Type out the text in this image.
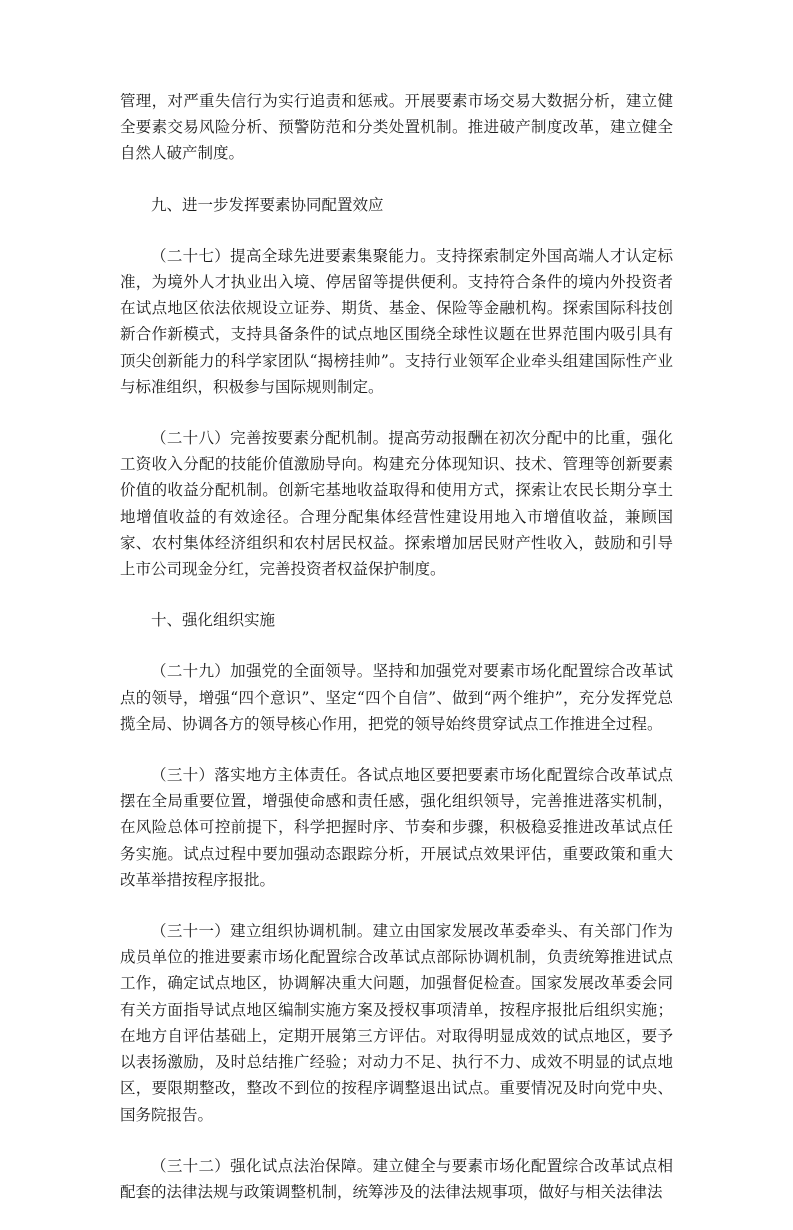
管理，对严重失信行为实行追责和惩戒。开展要素市场交易大数据分析，建立健全要素交易风险分析、预警防范和分类处置机制。推进破产制度改革，建立健全自然人破产制度。

九、进一步发挥要素协同配置效应

（二十七）提高全球先进要素集聚能力。支持探索制定外国高端人才认定标准，为境外人才执业出入境、停居留等提供便利。支持符合条件的境内外投资者在试点地区依法依规设立证券、期货、基金、保险等金融机构。探索国际科技创新合作新模式，支持具备条件的试点地区围绕全球性议题在世界范围内吸引具有顶尖创新能力的科学家团队“揭榜挂帅”。支持行业领军企业牵头组建国际性产业与标准组织，积极参与国际规则制定。

（二十八）完善按要素分配机制。提高劳动报酬在初次分配中的比重，强化工资收入分配的技能价值激励导向。构建充分体现知识、技术、管理等创新要素价值的收益分配机制。创新宅基地收益取得和使用方式，探索让农民长期分享土地增值收益的有效途径。合理分配集体经营性建设用地入市增值收益，兼顾国家、农村集体经济组织和农村居民权益。探索增加居民财产性收入，鼓励和引导上市公司现金分红，完善投资者权益保护制度。

十、强化组织实施

（二十九）加强党的全面领导。坚持和加强党对要素市场化配置综合改革试点的领导，增强“四个意识”、坚定“四个自信”、做到“两个维护”，充分发挥党总揽全局、协调各方的领导核心作用，把党的领导始终贯穿试点工作推进全过程。

（三十）落实地方主体责任。各试点地区要把要素市场化配置综合改革试点摆在全局重要位置，增强使命感和责任感，强化组织领导，完善推进落实机制，在风险总体可控前提下，科学把握时序、节奏和步骤，积极稳妥推进改革试点任务实施。试点过程中要加强动态跟踪分析，开展试点效果评估，重要政策和重大改革举措按程序报批。

（三十一）建立组织协调机制。建立由国家发展改革委牵头、有关部门作为成员单位的推进要素市场化配置综合改革试点部际协调机制，负责统筹推进试点工作，确定试点地区，协调解决重大问题，加强督促检查。国家发展改革委会同有关方面指导试点地区编制实施方案及授权事项清单，按程序报批后组织实施；在地方自评估基础上，定期开展第三方评估。对取得明显成效的试点地区，要予以表扬激励，及时总结推广经验；对动力不足、执行不力、成效不明显的试点地区，要限期整改，整改不到位的按程序调整退出试点。重要情况及时向党中央、国务院报告。

（三十二）强化试点法治保障。建立健全与要素市场化配置综合改革试点相配套的法律法规与政策调整机制，统筹涉及的法律法规事项，做好与相关法律法
